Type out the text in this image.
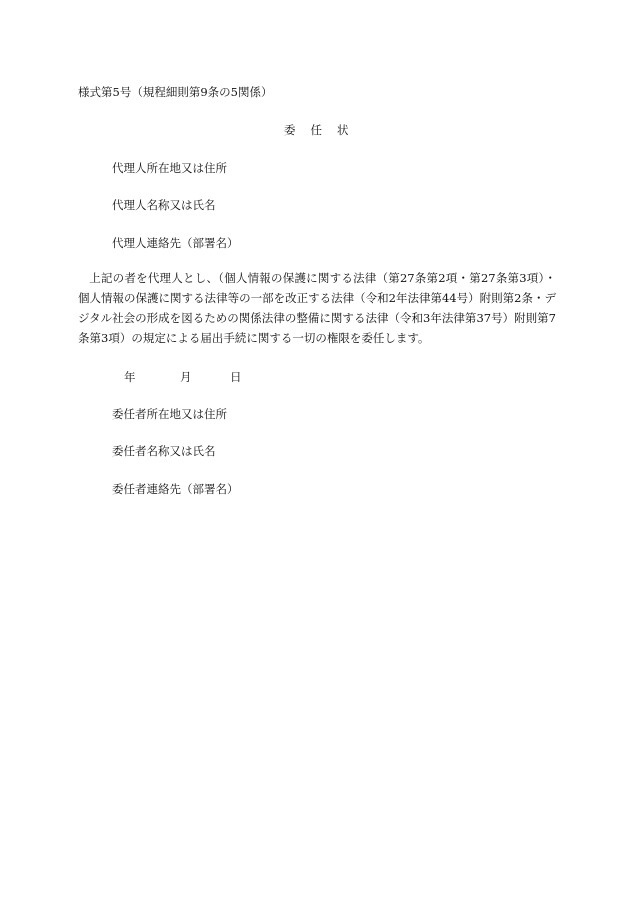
様式第5号（規程細則第9条の5関係）
委 任 状
代理人所在地又は住所
代理人名称又は氏名
代理人連絡先（部署名）
上記の者を代理人とし、（個人情報の保護に関する法律（第27条第2項・第27条第3項）・個人情報の保護に関する法律等の一部を改正する法律（令和2年法律第44号）附則第2条・デジタル社会の形成を図るための関係法律の整備に関する法律（令和3年法律第37号）附則第7条第3項）の規定による届出手続に関する一切の権限を委任します。
年	月	日
委任者所在地又は住所
委任者名称又は氏名
委任者連絡先（部署名）
